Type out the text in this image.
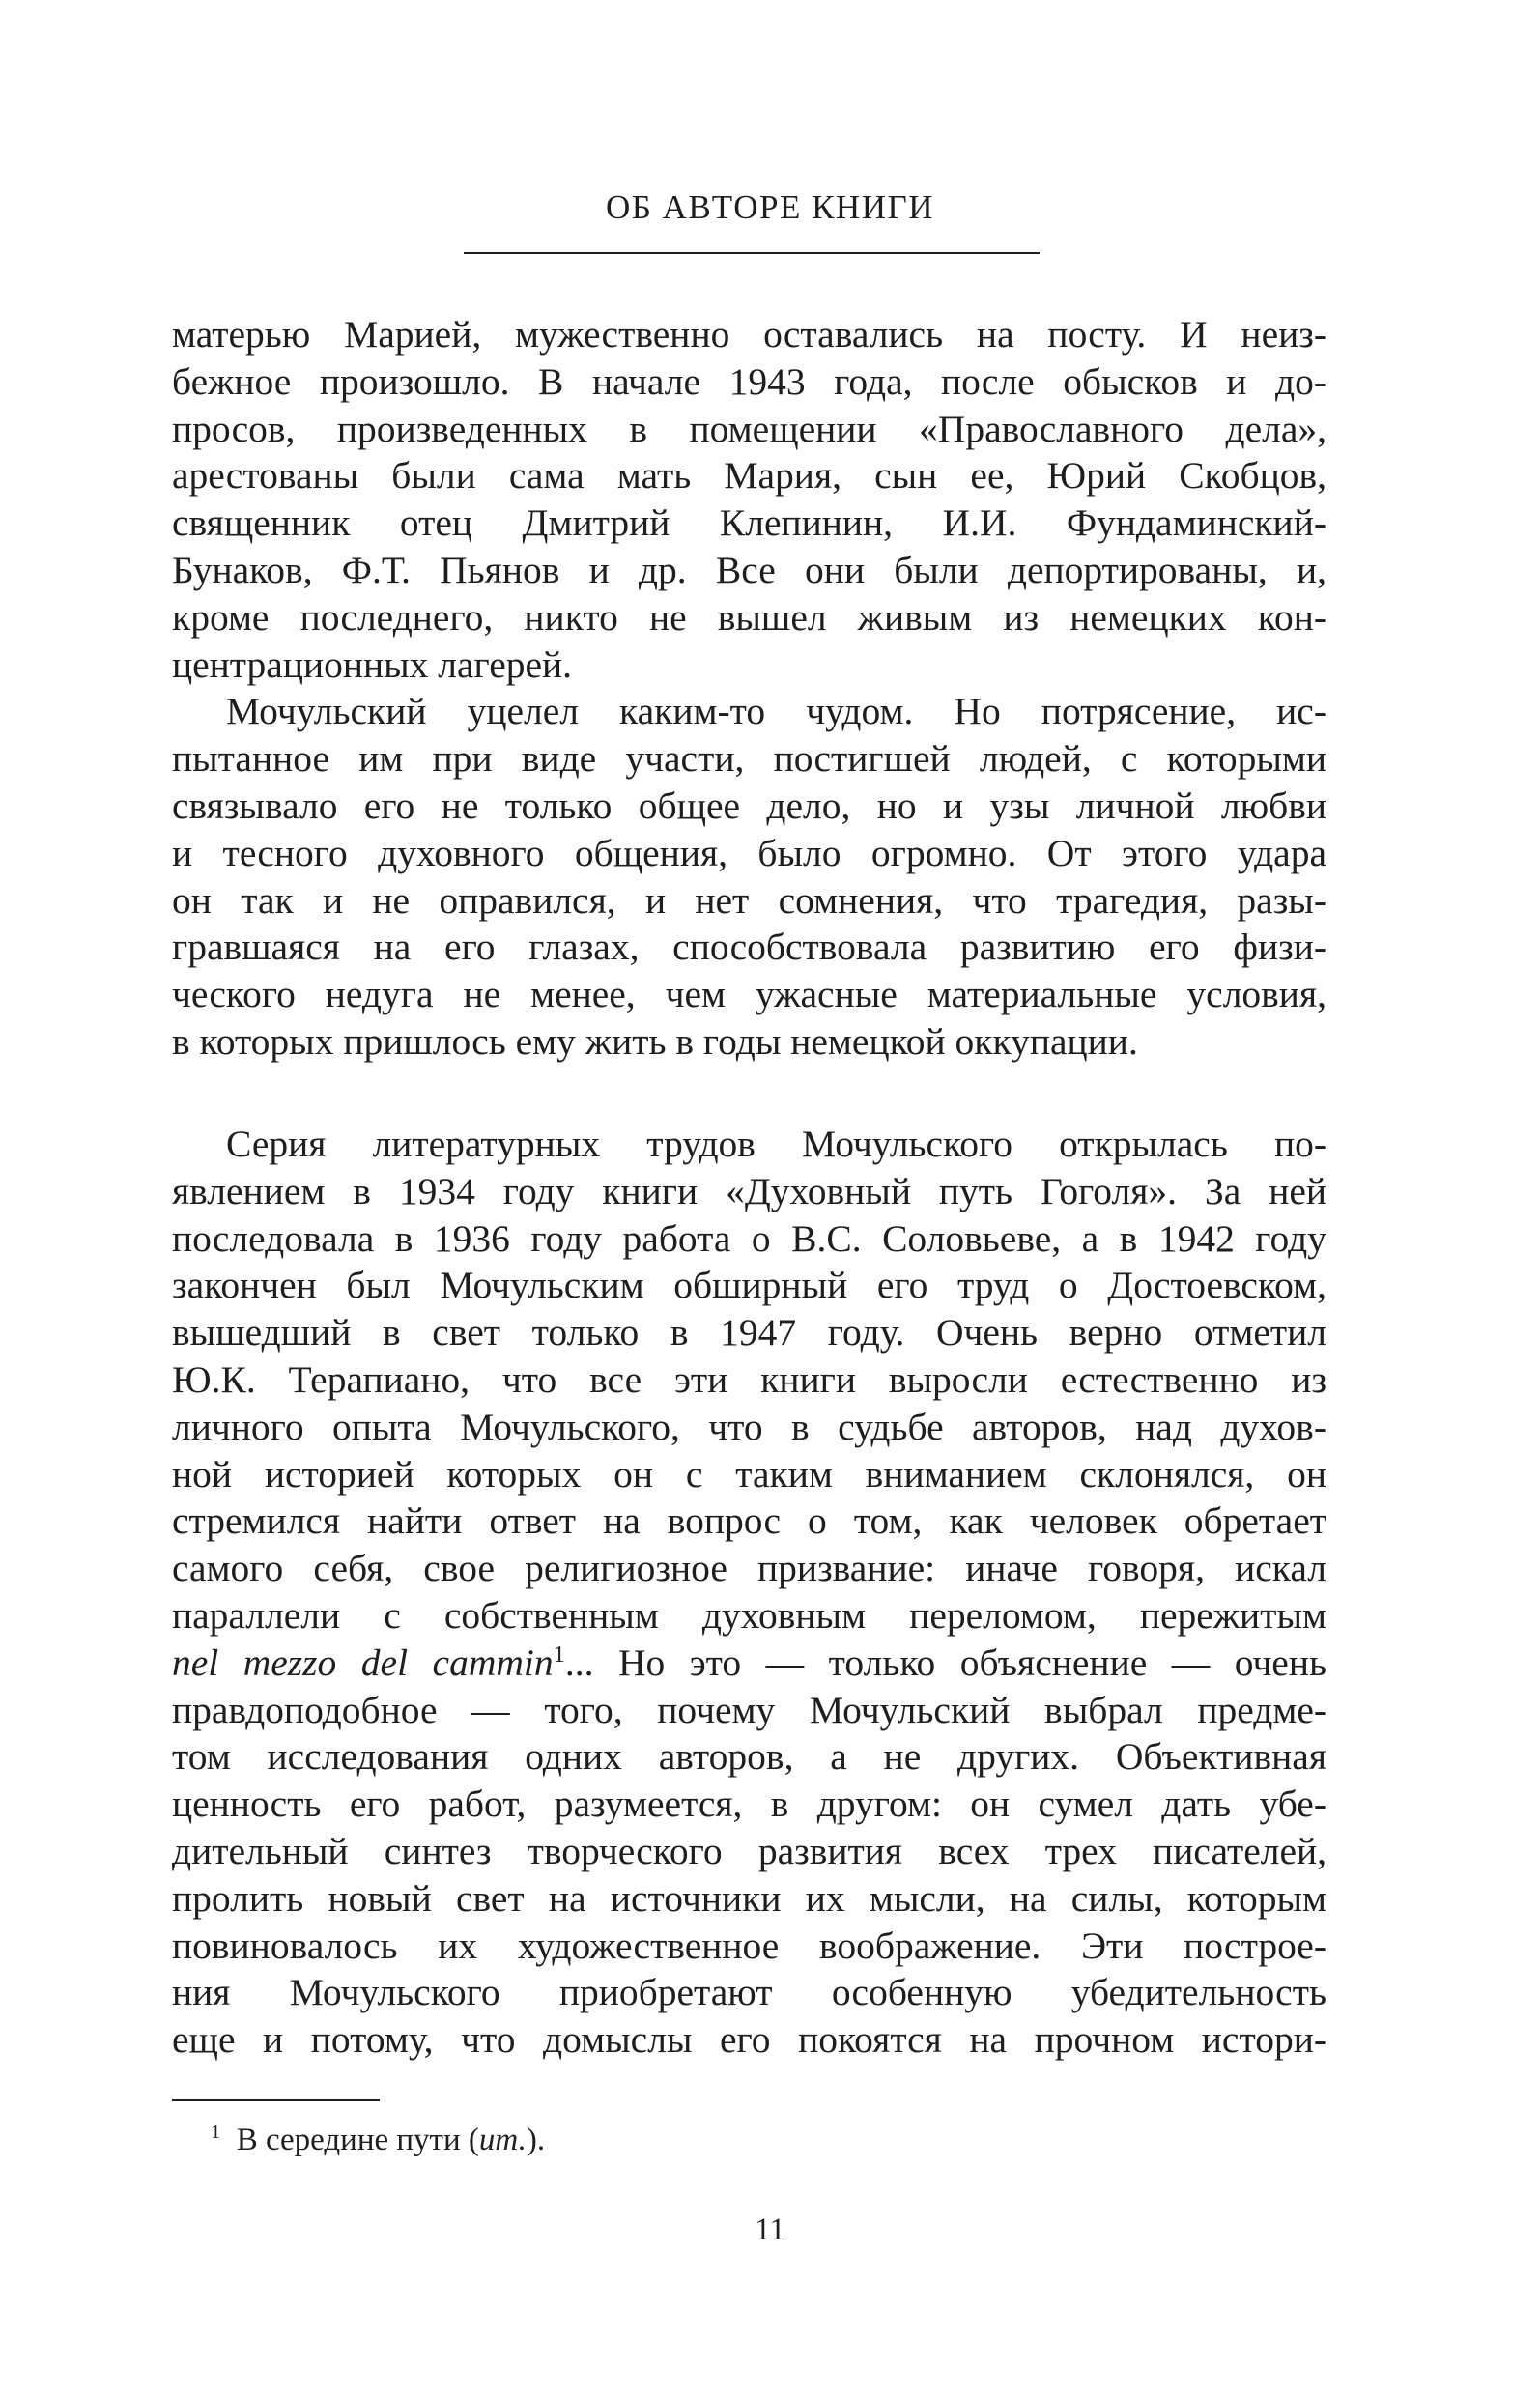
ОБ АВТОРЕ КНИГИ
матерью Марией, мужественно оставались на посту. И неиз-
бежное произошло. В начале 1943 года, после обысков и до-
просов, произведенных в помещении «Православного дела»,
арестованы были сама мать Мария, сын ее, Юрий Скобцов,
священник отец Дмитрий Клепинин, И.И. Фундаминский-
Бунаков, Ф.Т. Пьянов и др. Все они были депортированы, и,
кроме последнего, никто не вышел живым из немецких кон-
центрационных лагерей.
Мочульский уцелел каким-то чудом. Но потрясение, ис-
пытанное им при виде участи, постигшей людей, с которыми
связывало его не только общее дело, но и узы личной любви
и тесного духовного общения, было огромно. От этого удара
он так и не оправился, и нет сомнения, что трагедия, разы-
гравшаяся на его глазах, способствовала развитию его физи-
ческого недуга не менее, чем ужасные материальные условия,
в которых пришлось ему жить в годы немецкой оккупации.
Серия литературных трудов Мочульского открылась по-
явлением в 1934 году книги «Духовный путь Гоголя». За ней
последовала в 1936 году работа о В.С. Соловьеве, а в 1942 году
закончен был Мочульским обширный его труд о Достоевском,
вышедший в свет только в 1947 году. Очень верно отметил
Ю.К. Терапиано, что все эти книги выросли естественно из
личного опыта Мочульского, что в судьбе авторов, над духов-
ной историей которых он с таким вниманием склонялся, он
стремился найти ответ на вопрос о том, как человек обретает
самого себя, свое религиозное призвание: иначе говоря, искал
параллели с собственным духовным переломом, пережитым
nel mezzo del cammin$^1$... Но это — только объяснение — очень
правдоподобное — того, почему Мочульский выбрал предме-
том исследования одних авторов, а не других. Объективная
ценность его работ, разумеется, в другом: он сумел дать убе-
дительный синтез творческого развития всех трех писателей,
пролить новый свет на источники их мысли, на силы, которым
повиновалось их художественное воображение. Эти построе-
ния Мочульского приобретают особенную убедительность
еще и потому, что домыслы его покоятся на прочном истори-
$^1$ В середине пути (ит.).
11
